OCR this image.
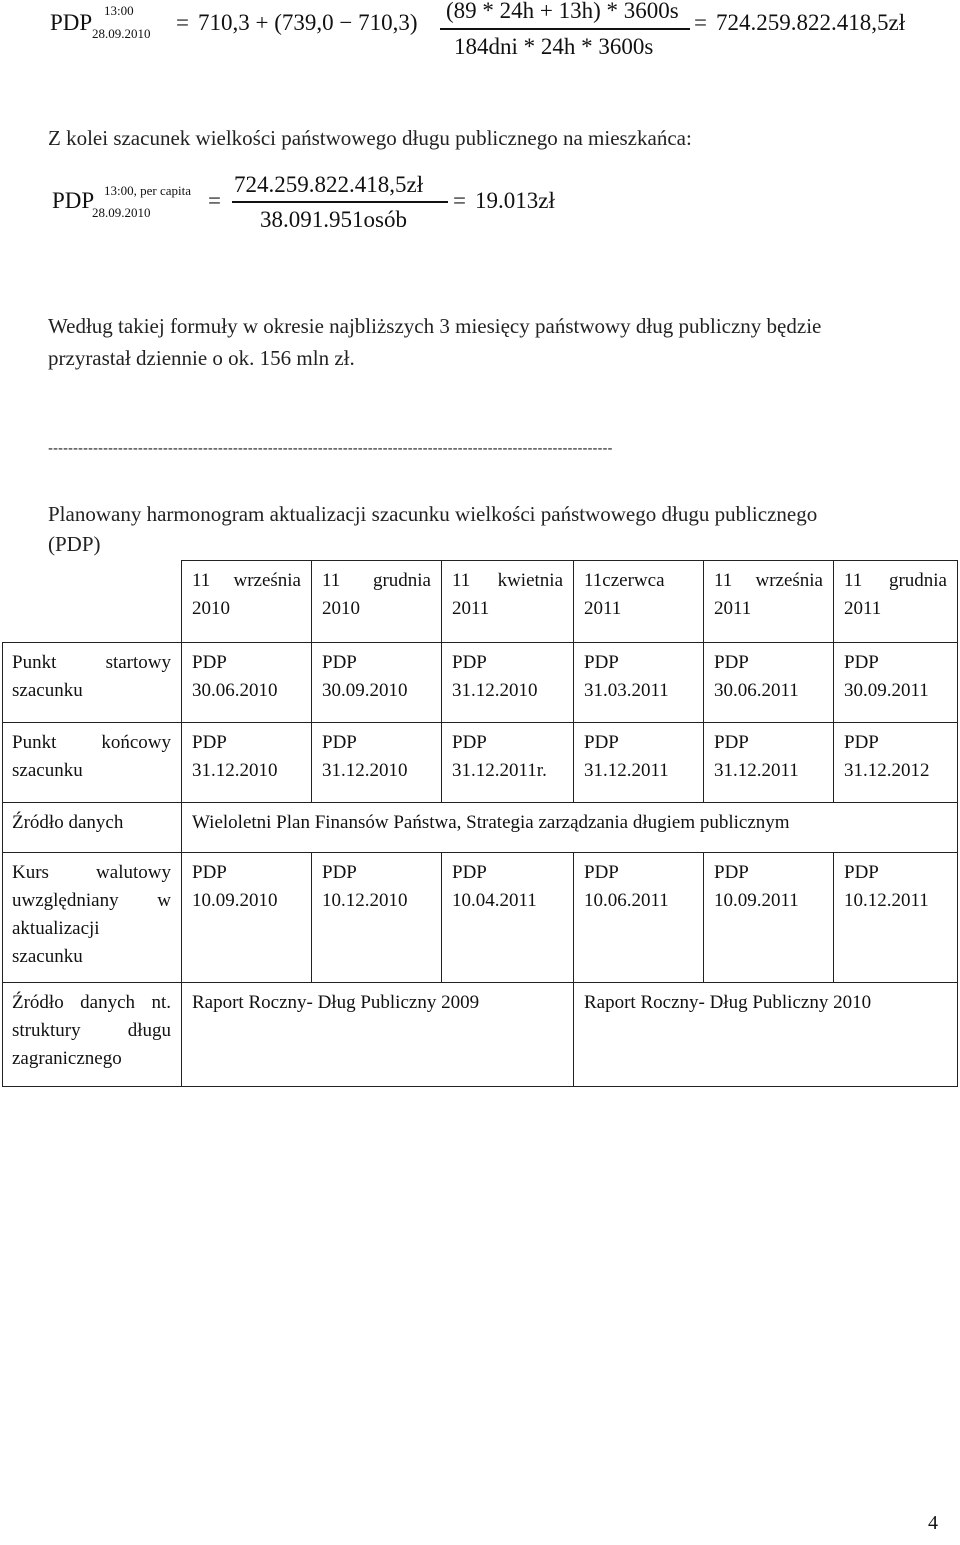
PDP 13:00
28.09.2010 = 710,3 + (739,0 − 710,3) (89 * 24h + 13h) * 3600s
184dni * 24h * 3600s
= 724.259.822.418,5zł
Z kolei szacunek wielkości państwowego długu publicznego na mieszkańca:
PDP 13:00, per capita
28.09.2010	=
724.259.822.418,5zł
38.091.951osób
= 19.013zł
Według takiej formuły w okresie najbliższych 3 miesięcy państwowy dług publiczny będzie
przyrastał dziennie o ok. 156 mln zł.
-----------------------------------------------------------------------------------------------------------------
Planowany harmonogram aktualizacji szacunku wielkości państwowego długu publicznego
(PDP)
	11 września 2010	11 grudnia 2010	11 kwietnia 2011	11czerwca 2011	11 września 2011	11 grudnia 2011
Punkt startowy szacunku	PDP 30.06.2010	PDP 30.09.2010	PDP 31.12.2010	PDP 31.03.2011	PDP 30.06.2011	PDP 30.09.2011
Punkt końcowy szacunku	PDP 31.12.2010	PDP 31.12.2010	PDP 31.12.2011r.	PDP 31.12.2011	PDP 31.12.2011	PDP 31.12.2012
Źródło danych	Wieloletni Plan Finansów Państwa, Strategia zarządzania długiem publicznym					
Kurs walutowy uwzględniany w aktualizacji szacunku	PDP 10.09.2010	PDP 10.12.2010	PDP 10.04.2011	PDP 10.06.2011	PDP 10.09.2011	PDP 10.12.2011
Źródło danych nt. struktury długu zagranicznego	Raport Roczny- Dług Publiczny 2009			Raport Roczny- Dług Publiczny 2010		
4
